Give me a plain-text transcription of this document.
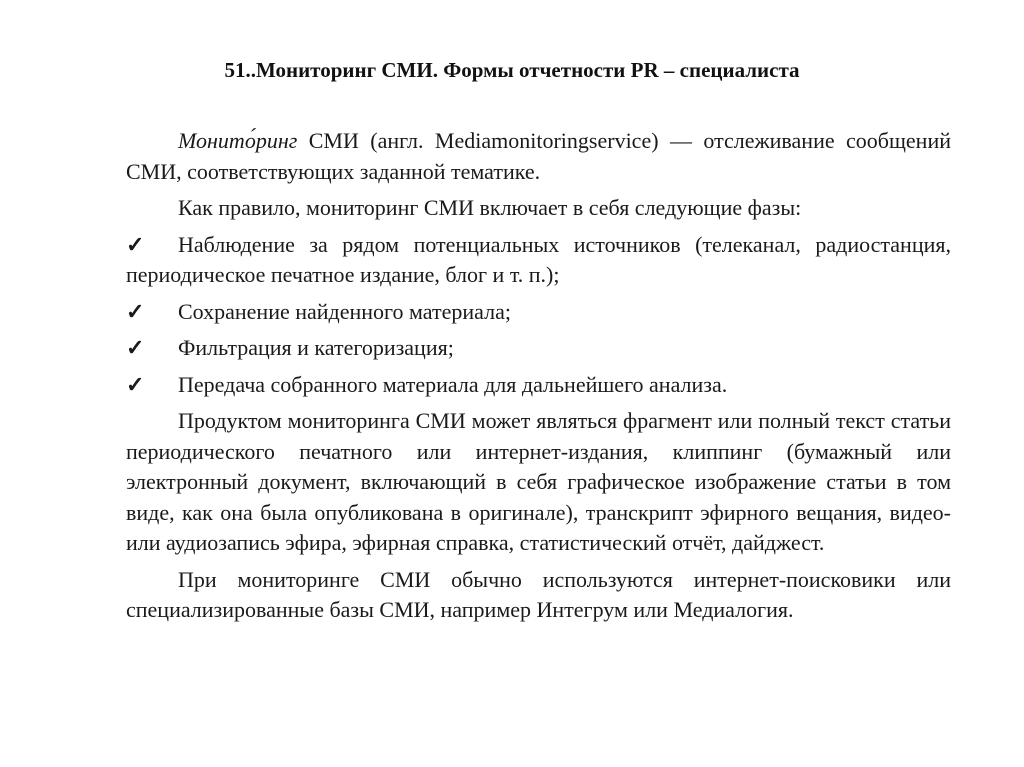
51..Мониторинг СМИ. Формы отчетности PR – специалиста

Монито́ринг СМИ (англ. Mediamonitoringservice) — отслеживание сообщений СМИ, соответствующих заданной тематике.

Как правило, мониторинг СМИ включает в себя следующие фазы:

✓	Наблюдение за рядом потенциальных источников (телеканал, радиостанция, периодическое печатное издание, блог и т. п.);
✓	Сохранение найденного материала;
✓	Фильтрация и категоризация;
✓	Передача собранного материала для дальнейшего анализа.

Продуктом мониторинга СМИ может являться фрагмент или полный текст статьи периодического печатного или интернет-издания, клиппинг (бумажный или электронный документ, включающий в себя графическое изображение статьи в том виде, как она была опубликована в оригинале), транскрипт эфирного вещания, видео- или аудиозапись эфира, эфирная справка, статистический отчёт, дайджест.

При мониторинге СМИ обычно используются интернет-поисковики или специализированные базы СМИ, например Интегрум или Медиалогия.
